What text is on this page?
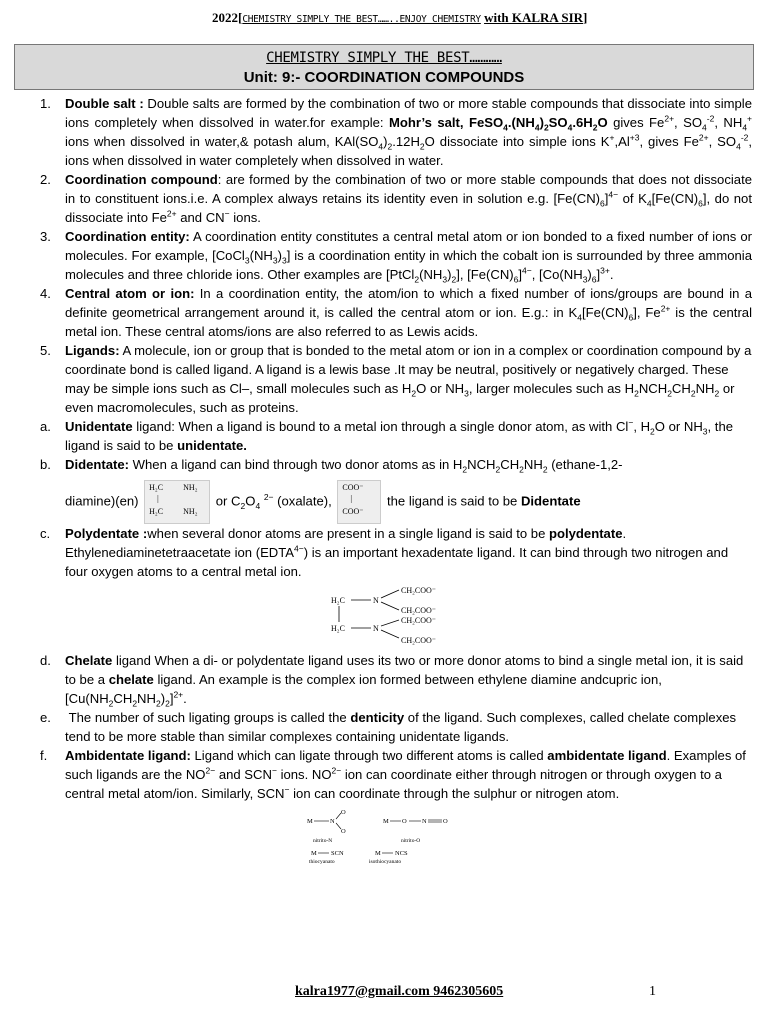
2022[CHEMISTRY SIMPLY THE BEST……..ENJOY CHEMISTRY with KALRA SIR]
CHEMISTRY SIMPLY THE BEST…………
Unit: 9:- COORDINATION COMPOUNDS
1. Double salt : Double salts are formed by the combination of two or more stable compounds that dissociate into simple ions completely when dissolved in water.for example: Mohr’s salt, $FeSO_4.(NH_4)_2SO_4.6H_2O$ gives $Fe^{2+}$, $SO_4^{-2}$, $NH_4^+$ ions when dissolved in water,& potash alum, $KAl(SO_4)_2.12H_2O$ dissociate into simple ions $K^+,Al^{+3}$, gives $Fe^{2+}$, $SO_4^{-2}$, ions when dissolved in water completely when dissolved in water.
2. Coordination compound: are formed by the combination of two or more stable compounds that does not dissociate in to constituent ions.i.e. A complex always retains its identity even in solution e.g. $[Fe(CN)_6]^{4-}$ of $K_4[Fe(CN)_6]$, do not dissociate into $Fe^{2+}$ and CN− ions.
3. Coordination entity: A coordination entity constitutes a central metal atom or ion bonded to a fixed number of ions or molecules. For example, $[CoCl_3(NH_3)_3]$ is a coordination entity in which the cobalt ion is surrounded by three ammonia molecules and three chloride ions. Other examples are $[PtCl_2(NH_3)_2]$, $[Fe(CN)_6]^{4-}$, $[Co(NH_3)_6]^{3+}$.
4. Central atom or ion: In a coordination entity, the atom/ion to which a fixed number of ions/groups are bound in a definite geometrical arrangement around it, is called the central atom or ion. E.g.: in $K_4[Fe(CN)_6]$, $Fe^{2+}$ is the central metal ion. These central atoms/ions are also referred to as Lewis acids.
5. Ligands: A molecule, ion or group that is bonded to the metal atom or ion in a complex or coordination compound by a coordinate bond is called ligand. A ligand is a lewis base .It may be neutral, positively or negatively charged. These may be simple ions such as Cl–, small molecules such as $H_2O$ or $NH_3$, larger molecules such as $H_2NCH_2CH_2NH_2$ or even macromolecules, such as proteins.
a. Unidentate ligand: When a ligand is bound to a metal ion through a single donor atom, as with Cl−, $H_2O$ or $NH_3$, the ligand is said to be unidentate.
b. Didentate: When a ligand can bind through two donor atoms as in $H_2NCH_2CH_2NH_2$ (ethane-1,2-

diamine)(en)
H₂C	NH₂
|
H₂C	NH₂
or $C_2O_4$ $^{2-}$ (oxalate),
COO⁻
|
COO⁻
the ligand is said to be Didentate
c. Polydentate :when several donor atoms are present in a single ligand is said to be polydentate. Ethylenediaminetetraacetate ion $(EDTA^{4-})$ is an important hexadentate ligand. It can bind through two nitrogen and four oxygen atoms to a central metal ion.
H₂C	N
CH₂COO⁻
CH₂COO⁻
H₂C	N
CH₂COO⁻
CH₂COO⁻
d. Chelate ligand When a di- or polydentate ligand uses its two or more donor atoms to bind a single metal ion, it is said to be a chelate ligand. An example is the complex ion formed between ethylene diamine andcupric ion, $[Cu(NH_2CH_2NH_2)_2]^{2+}$.
e. The number of such ligating groups is called the denticity of the ligand. Such complexes, called chelate complexes tend to be more stable than similar complexes containing unidentate ligands.
f. Ambidentate ligand: Ligand which can ligate through two different atoms is called ambidentate ligand. Examples of such ligands are the $NO^{2-}$ and SCN− ions. $NO^{2-}$ ion can coordinate either through nitrogen or through oxygen to a central metal atom/ion. Similarly, SCN− ion can coordinate through the sulphur or nitrogen atom.
M	N
O
O
nitrito-N
M O N	O
nitrito-O
M SCN
thiocyanato
M NCS
isothiocyanato
kalra1977@gmail.com 9462305605	1
